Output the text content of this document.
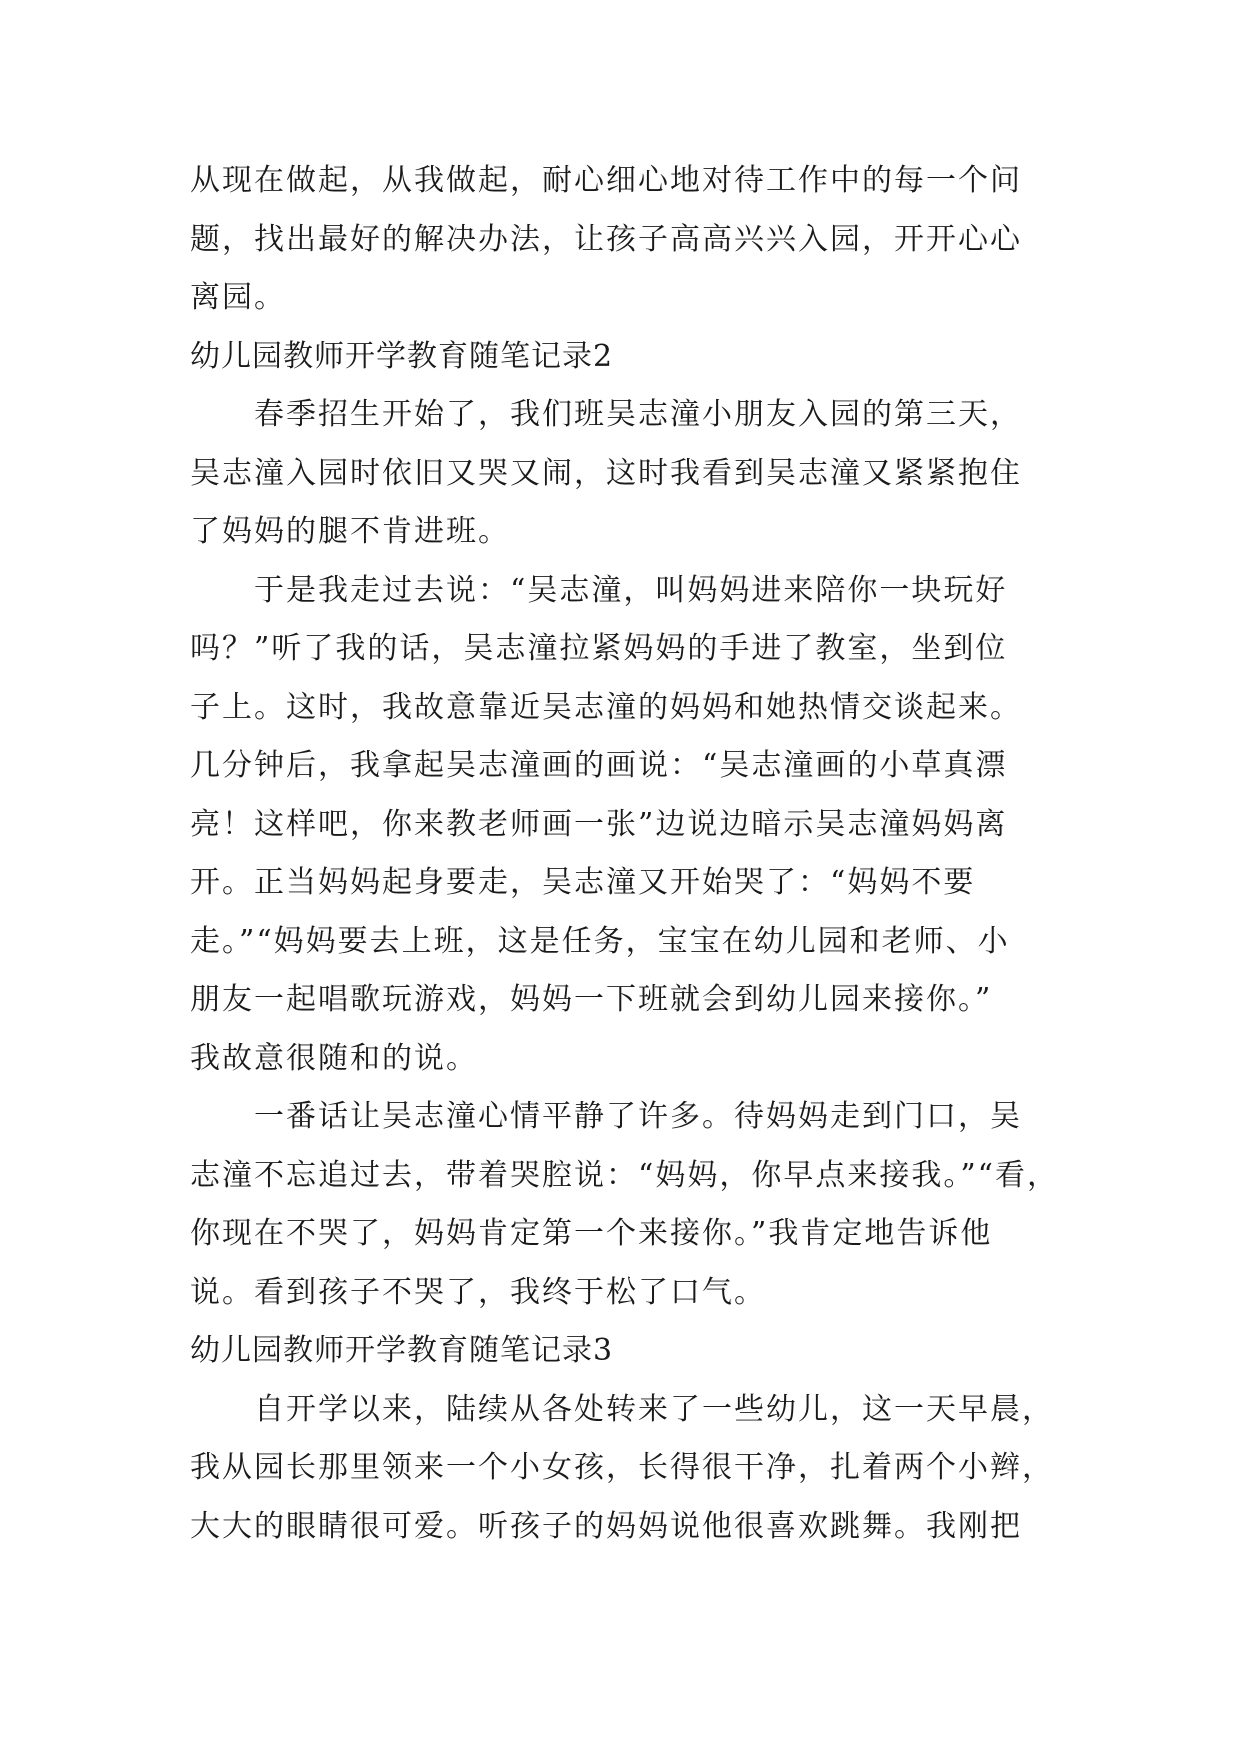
从现在做起，从我做起，耐心细心地对待工作中的每一个问
题，找出最好的解决办法，让孩子高高兴兴入园，开开心心
离园。
幼儿园教师开学教育随笔记录2
春季招生开始了，我们班吴志潼小朋友入园的第三天，
吴志潼入园时依旧又哭又闹，这时我看到吴志潼又紧紧抱住
了妈妈的腿不肯进班。
于是我走过去说：“吴志潼，叫妈妈进来陪你一块玩好
吗？”听了我的话，吴志潼拉紧妈妈的手进了教室，坐到位
子上。这时，我故意靠近吴志潼的妈妈和她热情交谈起来。
几分钟后，我拿起吴志潼画的画说：“吴志潼画的小草真漂
亮！这样吧，你来教老师画一张”边说边暗示吴志潼妈妈离
开。正当妈妈起身要走，吴志潼又开始哭了：“妈妈不要
走。”“妈妈要去上班，这是任务，宝宝在幼儿园和老师、小
朋友一起唱歌玩游戏，妈妈一下班就会到幼儿园来接你。”
我故意很随和的说。
一番话让吴志潼心情平静了许多。待妈妈走到门口，吴
志潼不忘追过去，带着哭腔说：“妈妈，你早点来接我。”“看，
你现在不哭了，妈妈肯定第一个来接你。”我肯定地告诉他
说。看到孩子不哭了，我终于松了口气。
幼儿园教师开学教育随笔记录3
自开学以来，陆续从各处转来了一些幼儿，这一天早晨，
我从园长那里领来一个小女孩，长得很干净，扎着两个小辫，
大大的眼睛很可爱。听孩子的妈妈说他很喜欢跳舞。我刚把
